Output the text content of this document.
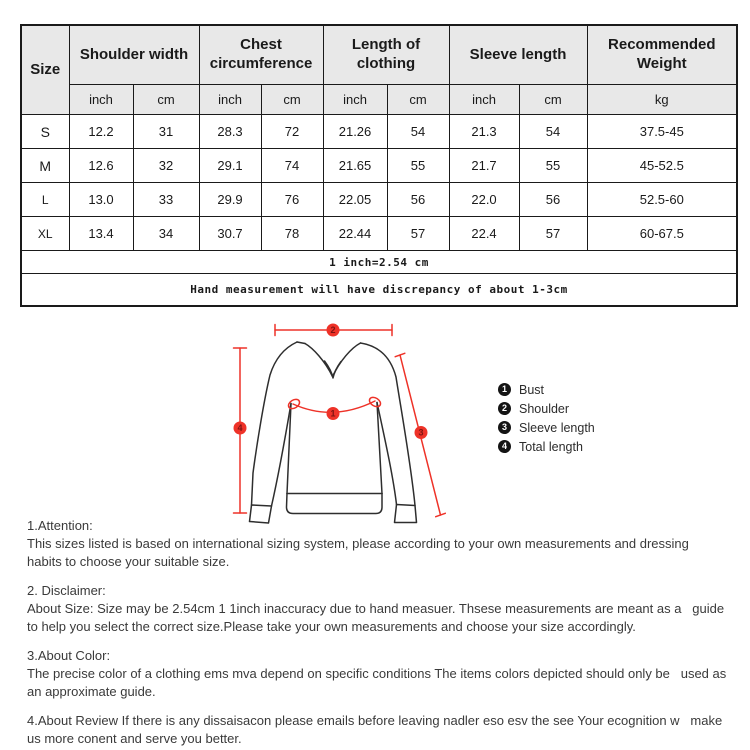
Size	Shoulder width		Chest circumference		Length of clothing		Sleeve length		Recommended Weight
	inch	cm	inch	cm	inch	cm	inch	cm	kg
S	12.2	31	28.3	72	21.26	54	21.3	54	37.5-45
M	12.6	32	29.1	74	21.65	55	21.7	55	45-52.5
L	13.0	33	29.9	76	22.05	56	22.0	56	52.5-60
XL	13.4	34	30.7	78	22.44	57	22.4	57	60-67.5
1 inch=2.54 cm									
Hand measurement will have discrepancy of about 1-3cm									
2
4
1
3
1 Bust
2 Shoulder
3 Sleeve length
4 Total length
1.Attention:
This sizes listed is based on international sizing system, please according to your own measurements and dressing   habits to choose your suitable size.
2. Disclaimer:
About Size: Size may be 2.54cm 1 1inch inaccuracy due to hand measuer. Thsese measurements are meant as a   guide to help you select the correct size.Please take your own measurements and choose your size accordingly.
3.About Color:
The precise color of a clothing ems mva depend on specific conditions The items colors depicted should only be   used as an approximate guide.
4.About Review If there is any dissaisacon please emails before leaving nadler eso esv the see Your ecognition w   make us more conent and serve you better.
